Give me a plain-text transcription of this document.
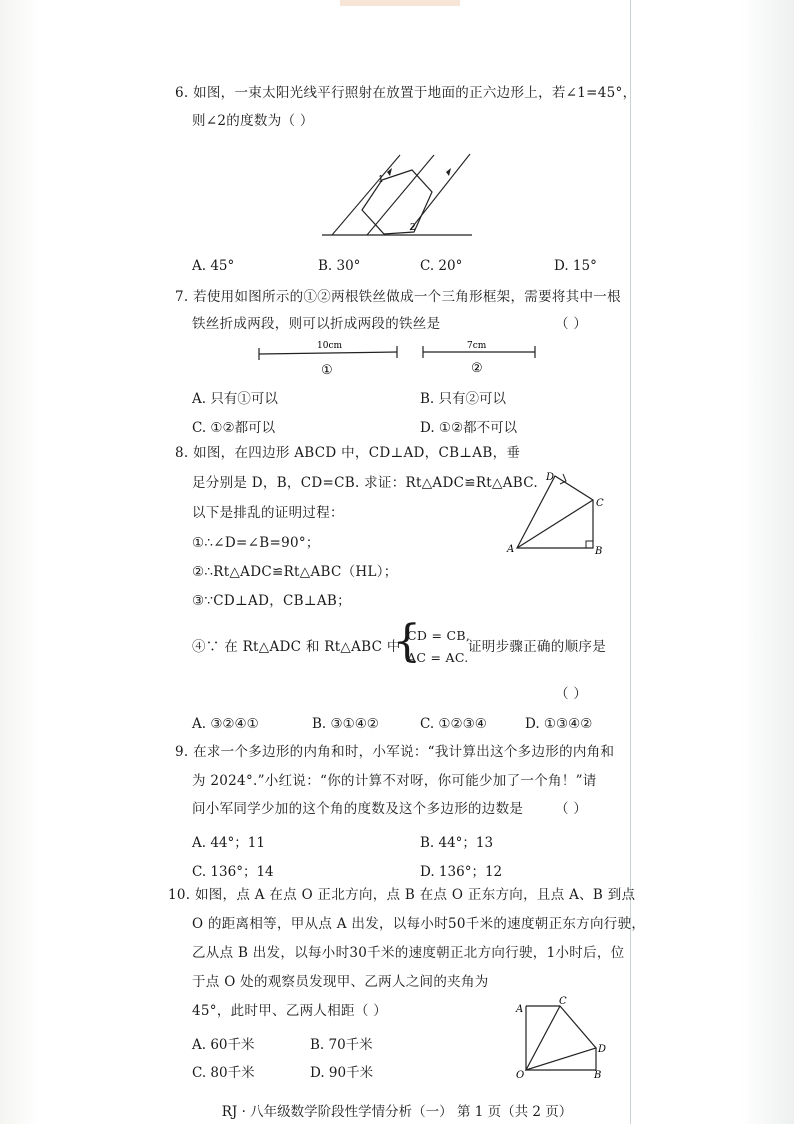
6. 如图，一束太阳光线平行照射在放置于地面的正六边形上，若∠1=45°，
则∠2的度数为（ ）
1
2
A. 45°	B. 30°	C. 20°	D. 15°
7. 若使用如图所示的①②两根铁丝做成一个三角形框架，需要将其中一根
铁丝折成两段，则可以折成两段的铁丝是	（ ）
10cm
①
7cm
②
A. 只有①可以	B. 只有②可以
C. ①②都可以	D. ①②都不可以
8. 如图，在四边形 ABCD 中，CD⊥AD，CB⊥AB，垂
足分别是 D，B，CD=CB. 求证：Rt△ADC≌Rt△ABC.
以下是排乱的证明过程：
①∴∠D=∠B=90°；
②∴Rt△ADC≌Rt△ABC（HL）；
③∵CD⊥AD，CB⊥AB；
④∵ 在 Rt△ADC 和 Rt△ABC 中
{
CD = CB,
AC = AC.
证明步骤正确的顺序是
（ ）
A	B
C
D
A. ③②④①	B. ③①④②	C. ①②③④	D. ①③④②
9. 在求一个多边形的内角和时，小军说：“我计算出这个多边形的内角和
为 2024°.”小红说：“你的计算不对呀，你可能少加了一个角！”请
问小军同学少加的这个角的度数及这个多边形的边数是 （ ）
A. 44°；11	B. 44°；13
C. 136°；14	D. 136°；12
10. 如图，点 A 在点 O 正北方向，点 B 在点 O 正东方向，且点 A、B 到点
O 的距离相等，甲从点 A 出发，以每小时50千米的速度朝正东方向行驶，
乙从点 B 出发，以每小时30千米的速度朝正北方向行驶，1小时后，位
于点 O 处的观察员发现甲、乙两人之间的夹角为
45°，此时甲、乙两人相距（ ）	A
C
D
O	B
A. 60千米	B. 70千米
C. 80千米	D. 90千米
RJ · 八年级数学阶段性学情分析（一） 第 1 页（共 2 页）
